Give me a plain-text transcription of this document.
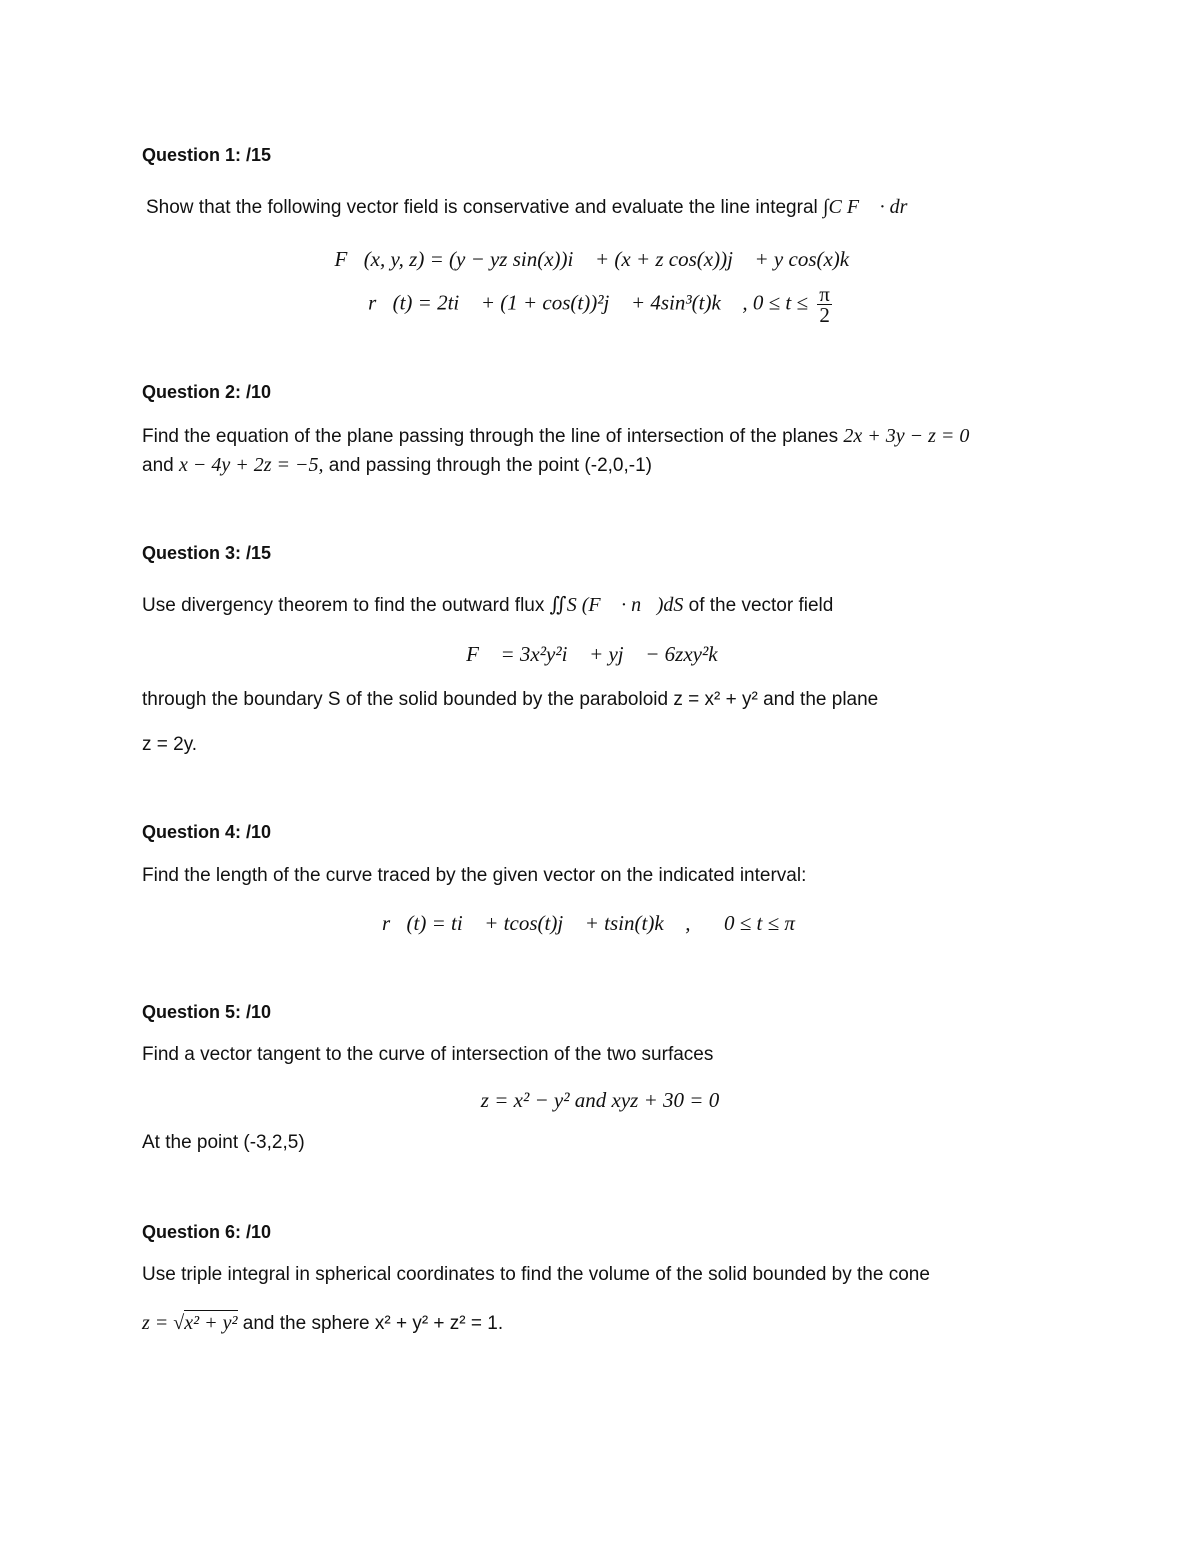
Question 1: /15
Show that the following vector field is conservative and evaluate the line integral ∫C F⃗ · dr⃗
F⃗(x, y, z) = (y − yz sin(x))i⃗ + (x + z cos(x))j⃗ + y cos(x)k⃗
r⃗(t) = 2ti⃗ + (1 + cos(t))²j⃗ + 4sin³(t)k⃗ , $0 \le t \le \frac{\pi}{2}$
Question 2: /10
Find the equation of the plane passing through the line of intersection of the planes 2x + 3y − z = 0
and x − 4y + 2z = −5, and passing through the point (-2,0,-1)
Question 3: /15
Use divergency theorem to find the outward flux ∬S (F⃗ · n⃗)dS of the vector field
F⃗ = 3x²y²i⃗ + yj⃗ − 6zxy²k⃗
through the boundary S of the solid bounded by the paraboloid z = x² + y² and the plane
z = 2y.
Question 4: /10
Find the length of the curve traced by the given vector on the indicated interval:
r⃗(t) = ti⃗ + tcos(t)j⃗ + tsin(t)k⃗ , 0 ≤ t ≤ π
Question 5: /10
Find a vector tangent to the curve of intersection of the two surfaces
z = x² − y² and xyz + 30 = 0
At the point (-3,2,5)
Question 6: /10
Use triple integral in spherical coordinates to find the volume of the solid bounded by the cone
z = √x² + y² and the sphere x² + y² + z² = 1.
